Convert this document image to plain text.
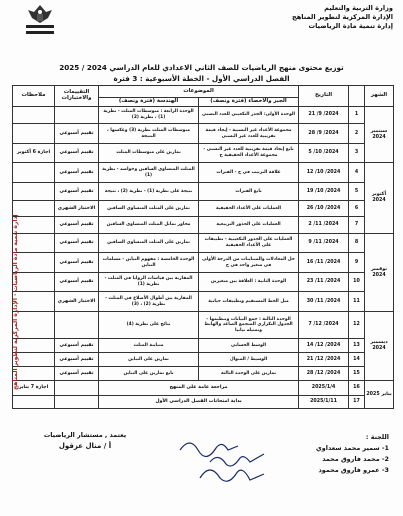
وزارة التربية والتعليم
الإدارة المركزية لتطوير المناهج
إدارة تنمية مادة الرياضيات
توزيع محتوى منهج الرياضيات للصف الثاني الاعدادي للعام الدراسي 2024 / 2025
الفصل الدراسي الأول - الخطة الأسبوعية : 3 فترة
الشهر		التاريخ	الموضوعات		التقييمات والاختبارات	ملاحظات
			الجبر والاحصاء (فترة ونصف)	الهندسة (فترة ونصف)		
سبتمبر 2024	1	2024/ 9/ 21	الوحدة الأولى: الجذر التكعيبي للعدد النسبي	الوحدة الرابعة : متوسطات المثلث - نظرية (1) ، نظرية (2)		
	2	2024/ 9/ 28	مجموعة الأعداد غير النسبية - إيجاد قيمة تقريبية للعدد غير النسبي	متوسطات المثلث نظرية (3) وعكسها ، النتيجة	تقييم أسبوعي	
	3	2024/ 10/ 5	تابع إيجاد قيمة تقريبية للعدد غير النسبي - مجموعة الأعداد الحقيقية ح	تمارين على متوسطات المثلث	تقييم أسبوعي	اجازة 6 أكتوبر
أكتوبر 2024	4	2024/ 10/ 12	علاقة الترتيب في ح - الفترات	المثلث المتساوي الساقين وخواصه - نظرية (1)	تقييم أسبوعي	
	5	2024/ 10/ 19	تابع الفترات	نتيجة على نظرية (1) - نظرية (2) ، نتيجة	تقييم أسبوعي	
	6	2024/ 10/ 26	العمليات على الأعداد الحقيقية	تمارين على المثلث المتساوي الساقين	الاختبار الشهري	
	7	2024/ 11/ 2	العمليات على الجذور التربيعية	محاور تماثل المثلث المتساوي الساقين	تقييم أسبوعي	
نوفمبر 2024	8	2024/ 11/ 9	العمليات على الجذور التكعيبية - تطبيقات على الأعداد الحقيقية	تمارين على المثلث المتساوي الساقين	تقييم أسبوعي	
	9	2024/ 11/ 16	حل المعادلات والمتباينات من الدرجة الأولى في متغير واحد في ح	الوحدة الخامسة : مفهوم التباين - مسلمات التباين	تقييم أسبوعي	
	10	2024/ 11/ 23	الوحدة الثانية : العلاقة بين متغيرين	المقارنة بين قياسات الزوايا في المثلث - نظرية (1)	تقييم أسبوعي	
	11	2024/ 11/ 30	ميل الخط المستقيم وتطبيقات حياتية	المقارنة بين أطوال الأضلاع في المثلث - نظرية (2) ، (3)	الاختبار الشهري	
ديسمبر 2024	12	2024/ 12/ 7	الوحدة الثالثة : جمع البيانات وتنظيمها - الجدول التكراري المتجمع الصاعد والهابط وتمثيله بيانيا	نتائج على نظرية (4)		
	13	2024/ 12/ 14	الوسط الحسابي	متباينة المثلث	تقييم أسبوعي	
	14	2024/ 12/ 21	الوسيط / المنوال	تمارين على التباين	تقييم أسبوعي	
	15	2024/ 12/ 28	تمارين على الوحدة الثالثة	تابع تمارين على التباين	تقييم أسبوعي	
يناير 2025	16	2025/1/4	مراجعة عامة على المنهج			اجازة 7 يناير
	17	2025/1/11	بداية امتحانات الفصل الدراسي الأول			
إدارة تنمية مادة الرياضيات - الإدارة المركزية لتطوير المناهج
اللجنة :
1- سمير محمد سعداوي
2- محمد فاروق محمد
3- عمرو فاروق محمود
يعتمد , مستشار الرياضيات
أ / منال عزقول
